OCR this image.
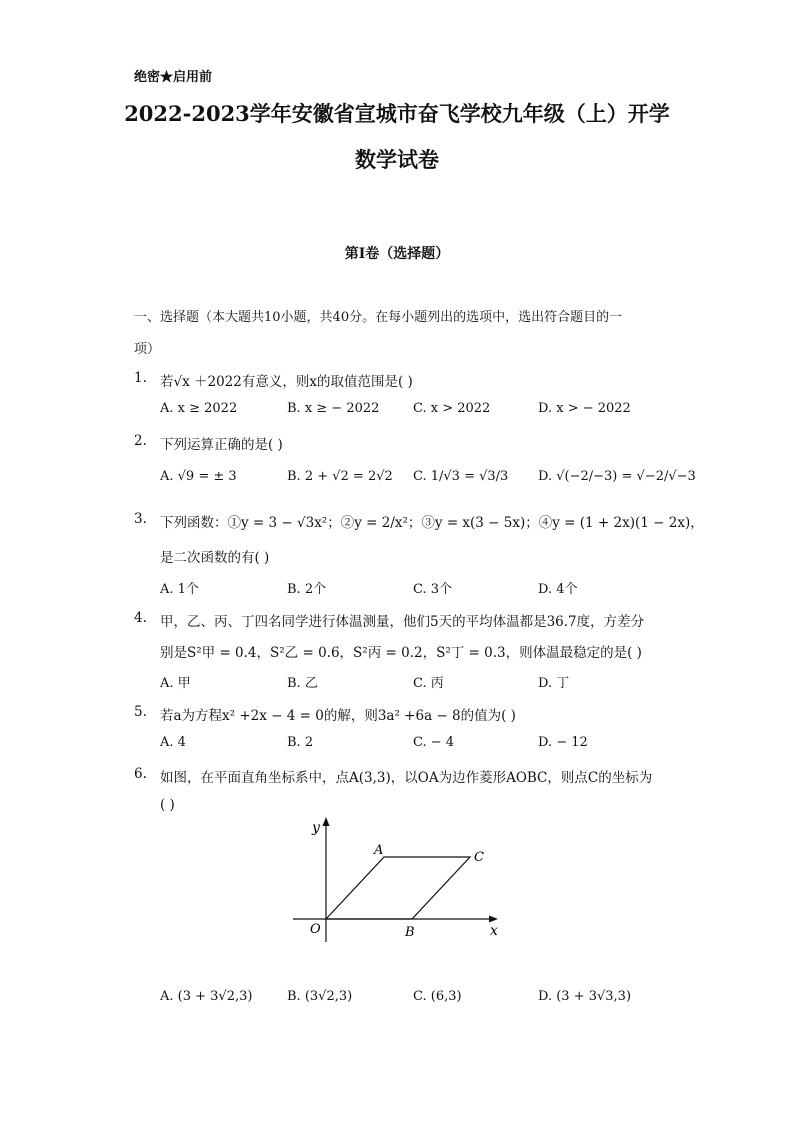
绝密★启用前
2022-2023学年安徽省宣城市奋飞学校九年级（上）开学
数学试卷
第I卷（选择题）
一、选择题（本大题共10小题，共40分。在每小题列出的选项中，选出符合题目的一
项）
1. 若√x ＋2022有意义，则x的取值范围是( )
A. x ≥ 2022	B. x ≥ − 2022	C. x > 2022	D. x > − 2022
2. 下列运算正确的是( )
A. √9 = ± 3	B. 2 + √2 = 2√2 C. 1/√3 = √3/3 D. √(−2/−3) = √−2/√−3
3. 下列函数：①y = 3 − √3x²；②y = 2/x²；③y = x(3 − 5x)；④y = (1 + 2x)(1 − 2x)，
是二次函数的有( )
A. 1个	B. 2个	C. 3个	D. 4个
4. 甲，乙、丙、丁四名同学进行体温测量，他们5天的平均体温都是36.7度，方差分
别是S²甲 = 0.4，S²乙 = 0.6，S²丙 = 0.2，S²丁 = 0.3，则体温最稳定的是( )
A. 甲	B. 乙	C. 丙	D. 丁
5. 若a为方程x² +2x − 4 = 0的解，则3a² +6a − 8的值为( )
A. 4	B. 2	C. − 4	D. − 12
6. 如图，在平面直角坐标系中，点A(3,3)，以OA为边作菱形AOBC，则点C的坐标为
( )
y
x
O
A
B
C
A. (3 + 3√2,3)	B. (3√2,3)	C. (6,3)	D. (3 + 3√3,3)
